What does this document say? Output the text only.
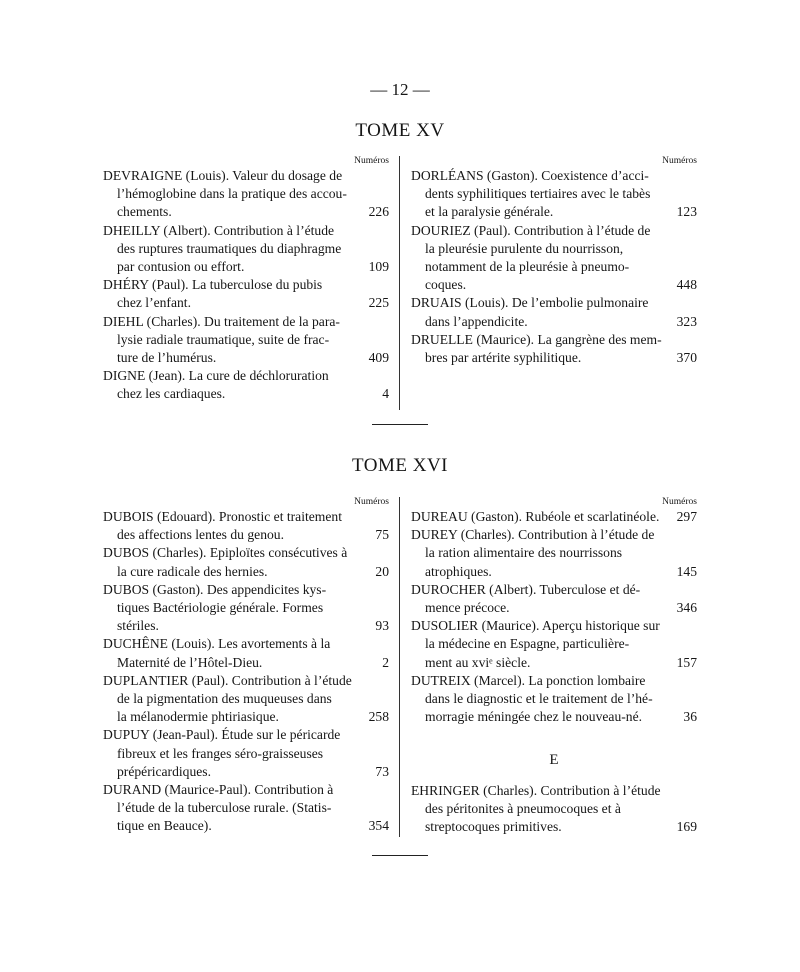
— 12 —
TOME XV
Numéros
DEVRAIGNE (Louis). Valeur du dosage de
l’hémoglobine dans la pratique des accou-
chements.	226
DHEILLY (Albert). Contribution à l’étude
des ruptures traumatiques du diaphragme
par contusion ou effort.	109
DHÉRY (Paul). La tuberculose du pubis
chez l’enfant.	225
DIEHL (Charles). Du traitement de la para-
lysie radiale traumatique, suite de frac-
ture de l’humérus.	409
DIGNE (Jean). La cure de déchloruration
chez les cardiaques.	4
Numéros
DORLÉANS (Gaston). Coexistence d’acci-
dents syphilitiques tertiaires avec le tabès
et la paralysie générale.	123
DOURIEZ (Paul). Contribution à l’étude de
la pleurésie purulente du nourrisson,
notamment de la pleurésie à pneumo-
coques.	448
DRUAIS (Louis). De l’embolie pulmonaire
dans l’appendicite.	323
DRUELLE (Maurice). La gangrène des mem-
bres par artérite syphilitique.	370
TOME XVI
Numéros
DUBOIS (Edouard). Pronostic et traitement
des affections lentes du genou.	75
DUBOS (Charles). Epiploïtes consécutives à
la cure radicale des hernies.	20
DUBOS (Gaston). Des appendicites kys-
tiques Bactériologie générale. Formes
stériles.	93
DUCHÊNE (Louis). Les avortements à la
Maternité de l’Hôtel-Dieu.	2
DUPLANTIER (Paul). Contribution à l’étude
de la pigmentation des muqueuses dans
la mélanodermie phtiriasique.	258
DUPUY (Jean-Paul). Étude sur le péricarde
fibreux et les franges séro-graisseuses
prépéricardiques.	73
DURAND (Maurice-Paul). Contribution à
l’étude de la tuberculose rurale. (Statis-
tique en Beauce).	354
Numéros
DUREAU (Gaston). Rubéole et scarlatinéole.	297
DUREY (Charles). Contribution à l’étude de
la ration alimentaire des nourrissons
atrophiques.	145
DUROCHER (Albert). Tuberculose et dé-
mence précoce.	346
DUSOLIER (Maurice). Aperçu historique sur
la médecine en Espagne, particulière-
ment au xviᵉ siècle.	157
DUTREIX (Marcel). La ponction lombaire
dans le diagnostic et le traitement de l’hé-
morragie méningée chez le nouveau-né.	36
E
EHRINGER (Charles). Contribution à l’étude
des péritonites à pneumocoques et à
streptocoques primitives.	169
